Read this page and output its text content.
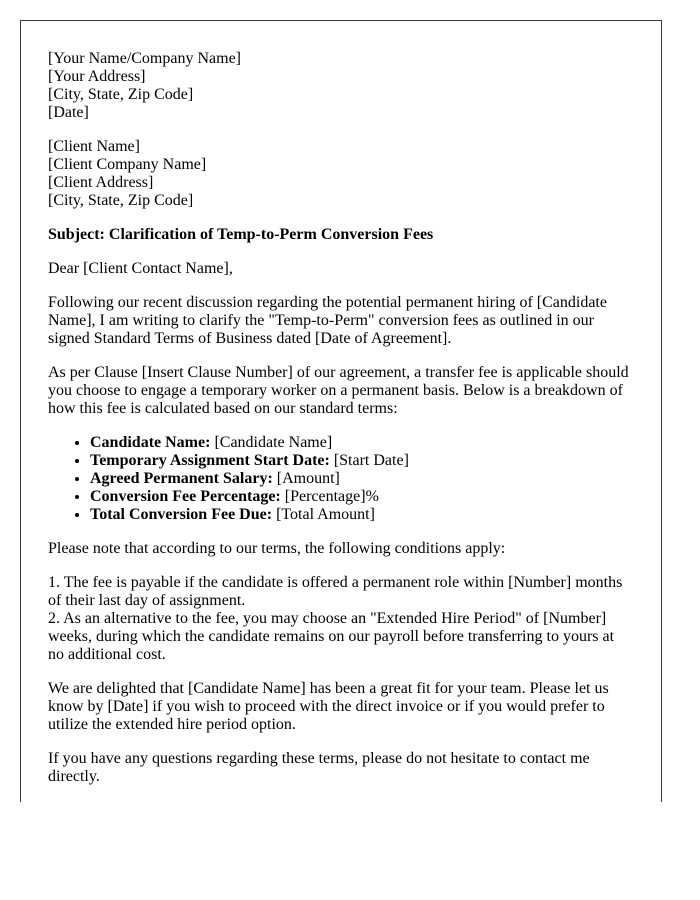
[Your Name/Company Name]
[Your Address]
[City, State, Zip Code]
[Date]
[Client Name]
[Client Company Name]
[Client Address]
[City, State, Zip Code]
Subject: Clarification of Temp-to-Perm Conversion Fees
Dear [Client Contact Name],
Following our recent discussion regarding the potential permanent hiring of [Candidate Name], I am writing to clarify the "Temp-to-Perm" conversion fees as outlined in our signed Standard Terms of Business dated [Date of Agreement].
As per Clause [Insert Clause Number] of our agreement, a transfer fee is applicable should you choose to engage a temporary worker on a permanent basis. Below is a breakdown of how this fee is calculated based on our standard terms:
• Candidate Name: [Candidate Name]
• Temporary Assignment Start Date: [Start Date]
• Agreed Permanent Salary: [Amount]
• Conversion Fee Percentage: [Percentage]%
• Total Conversion Fee Due: [Total Amount]
Please note that according to our terms, the following conditions apply:
1. The fee is payable if the candidate is offered a permanent role within [Number] months of their last day of assignment.
2. As an alternative to the fee, you may choose an "Extended Hire Period" of [Number] weeks, during which the candidate remains on our payroll before transferring to yours at no additional cost.
We are delighted that [Candidate Name] has been a great fit for your team. Please let us know by [Date] if you wish to proceed with the direct invoice or if you would prefer to utilize the extended hire period option.
If you have any questions regarding these terms, please do not hesitate to contact me directly.
